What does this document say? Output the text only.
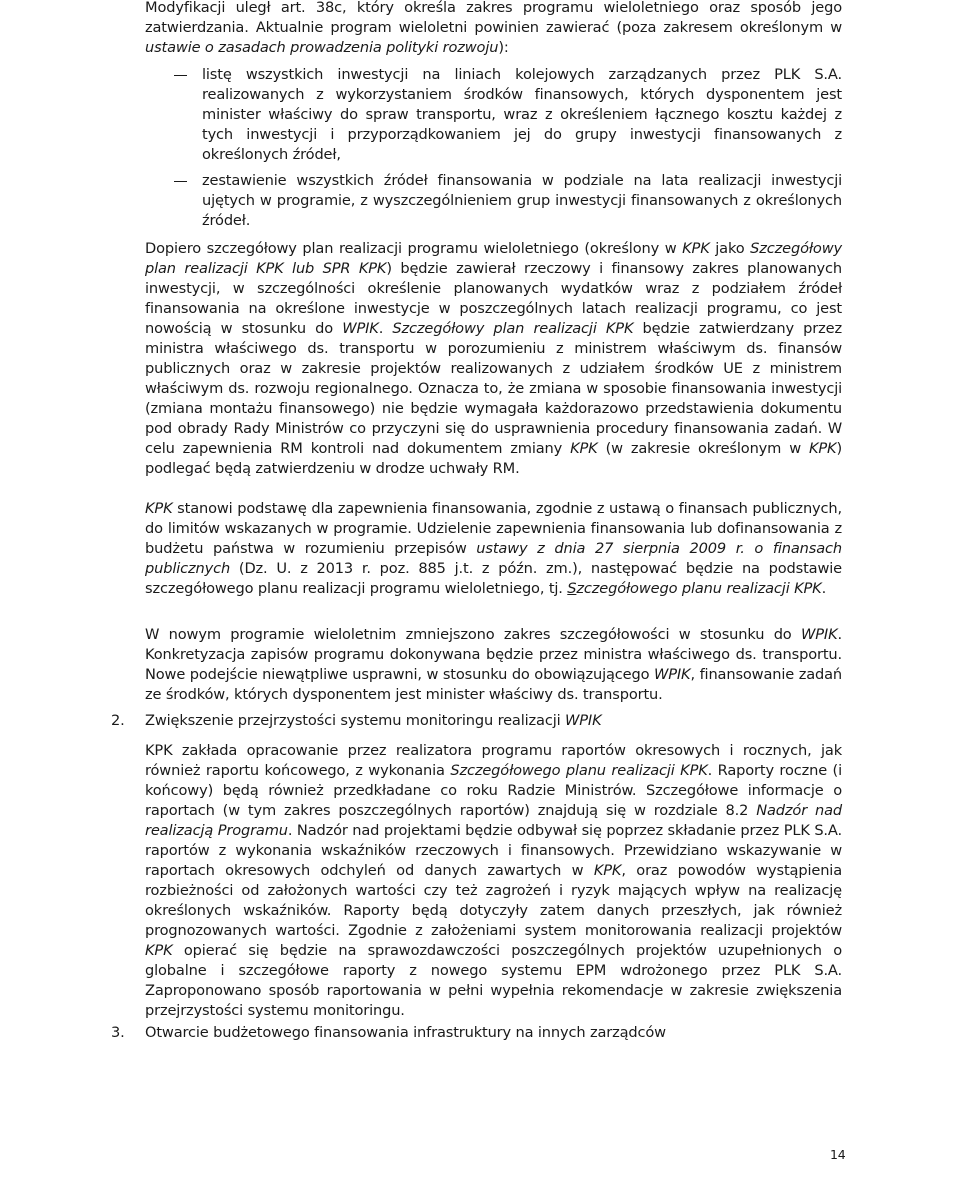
Modyfikacji uległ art. 38c, który określa zakres programu wieloletniego oraz sposób jego zatwierdzania. Aktualnie program wieloletni powinien zawierać (poza zakresem określonym w ustawie o zasadach prowadzenia polityki rozwoju):

listę wszystkich inwestycji na liniach kolejowych zarządzanych przez PLK S.A. realizowanych z wykorzystaniem środków finansowych, których dysponentem jest minister właściwy do spraw transportu, wraz z określeniem łącznego kosztu każdej z tych inwestycji i przyporządkowaniem jej do grupy inwestycji finansowanych z określonych źródeł,

zestawienie wszystkich źródeł finansowania w podziale na lata realizacji inwestycji ujętych w programie, z wyszczególnieniem grup inwestycji finansowanych z określonych źródeł.

Dopiero szczegółowy plan realizacji programu wieloletniego (określony w KPK jako Szczegółowy plan realizacji KPK lub SPR KPK) będzie zawierał rzeczowy i finansowy zakres planowanych inwestycji, w szczególności określenie planowanych wydatków wraz z podziałem źródeł finansowania na określone inwestycje w poszczególnych latach realizacji programu, co jest nowością w stosunku do WPIK. Szczegółowy plan realizacji KPK będzie zatwierdzany przez ministra właściwego ds. transportu w porozumieniu z ministrem właściwym ds. finansów publicznych oraz w zakresie projektów realizowanych z udziałem środków UE z ministrem właściwym ds. rozwoju regionalnego. Oznacza to, że zmiana w sposobie finansowania inwestycji (zmiana montażu finansowego) nie będzie wymagała każdorazowo przedstawienia dokumentu pod obrady Rady Ministrów co przyczyni się do usprawnienia procedury finansowania zadań. W celu zapewnienia RM kontroli nad dokumentem zmiany KPK (w zakresie określonym w KPK) podlegać będą zatwierdzeniu w drodze uchwały RM.

KPK stanowi podstawę dla zapewnienia finansowania, zgodnie z ustawą o finansach publicznych, do limitów wskazanych w programie. Udzielenie zapewnienia finansowania lub dofinansowania z budżetu państwa w rozumieniu przepisów ustawy z dnia 27 sierpnia 2009 r. o finansach publicznych (Dz. U. z 2013 r. poz. 885 j.t. z późn. zm.), następować będzie na podstawie szczegółowego planu realizacji programu wieloletniego, tj. Szczegółowego planu realizacji KPK.

W nowym programie wieloletnim zmniejszono zakres szczegółowości w stosunku do WPIK. Konkretyzacja zapisów programu dokonywana będzie przez ministra właściwego ds. transportu. Nowe podejście niewątpliwe usprawni, w stosunku do obowiązującego WPIK, finansowanie zadań ze środków, których dysponentem jest minister właściwy ds. transportu.

2. Zwiększenie przejrzystości systemu monitoringu realizacji WPIK

KPK zakłada opracowanie przez realizatora programu raportów okresowych i rocznych, jak również raportu końcowego, z wykonania Szczegółowego planu realizacji KPK. Raporty roczne (i końcowy) będą również przedkładane co roku Radzie Ministrów. Szczegółowe informacje o raportach (w tym zakres poszczególnych raportów) znajdują się w rozdziale 8.2 Nadzór nad realizacją Programu. Nadzór nad projektami będzie odbywał się poprzez składanie przez PLK S.A. raportów z wykonania wskaźników rzeczowych i finansowych. Przewidziano wskazywanie w raportach okresowych odchyleń od danych zawartych w KPK, oraz powodów wystąpienia rozbieżności od założonych wartości czy też zagrożeń i ryzyk mających wpływ na realizację określonych wskaźników. Raporty będą dotyczyły zatem danych przeszłych, jak również prognozowanych wartości. Zgodnie z założeniami system monitorowania realizacji projektów KPK opierać się będzie na sprawozdawczości poszczególnych projektów uzupełnionych o globalne i szczegółowe raporty z nowego systemu EPM wdrożonego przez PLK S.A. Zaproponowano sposób raportowania w pełni wypełnia rekomendacje w zakresie zwiększenia przejrzystości systemu monitoringu.

3. Otwarcie budżetowego finansowania infrastruktury na innych zarządców
14
